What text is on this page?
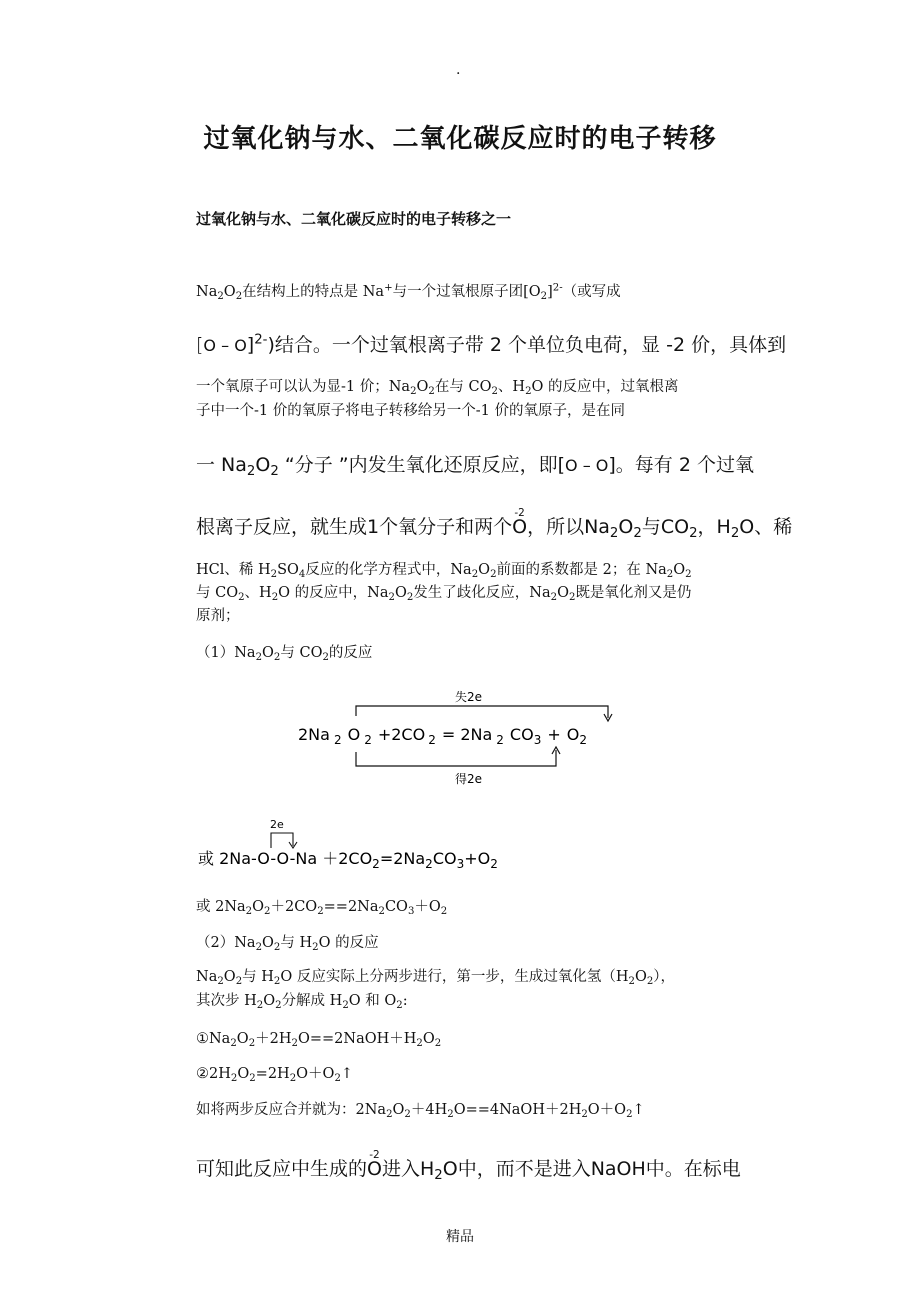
.
过氧化钠与水、二氧化碳反应时的电子转移
过氧化钠与水、二氧化碳反应时的电子转移之一
$Na_2O_2$在结构上的特点是 Na+与一个过氧根原子团$[O_2]^{2-}$（或写成
[O – O]$^{2-}$)结合。一个过氧根离子带 2 个单位负电荷，显 -2 价，具体到
一个氧原子可以认为显-1 价；$Na_2O_2$在与 $CO_2$、$H_2O$ 的反应中，过氧根离
子中一个-1 价的氧原子将电子转移给另一个-1 价的氧原子，是在同
一 $Na_2O_2$ “分子 ”内发生氧化还原反应，即[O – O]。每有 2 个过氧
根离子反应，就生成1个氧分子和两个
-2
O，所以$Na_2O_2$与$CO_2$，$H_2O$、稀
HCl、稀 $H_2SO_4$反应的化学方程式中，$Na_2O_2$前面的系数都是 2；在 $Na_2O_2$
与 $CO_2$、$H_2O$ 的反应中，$Na_2O_2$发生了歧化反应，$Na_2O_2$既是氧化剂又是仍
原剂；
$(1)Na_2O_2$与 $CO_2$的反应
失2e
得2e
2Na $_2$ O $_2$ +2CO $_2$ = 2Na $_2$ $CO_3 + O_2$
2e
或 $2Na-O-O-Na +2CO_2=2Na_2CO_3+O_2$
或 $2Na_2O_2+2CO_2==2Na_2CO_3+O_2$
$(2)Na_2O_2$与 $H_2O$ 的反应
$Na_2O_2$与 $H_2O$ 反应实际上分两步进行，第一步，生成过氧化氢$(H_2O_2)$，
其次步 $H_2O_2$分解成 $H_2O$ 和 $O_2$:
$①Na_2O_2+2H_2O==2NaOH+H_2O_2$
$②2H_2O_2=2H_2O+O_2↑$
如将两步反应合并就为：$2Na_2O_2+4H_2O==4NaOH+2H_2O+O_2↑$
可知此反应中生成的
-2
O进入$H_2O$中，而不是进入NaOH中。在标电
精品
